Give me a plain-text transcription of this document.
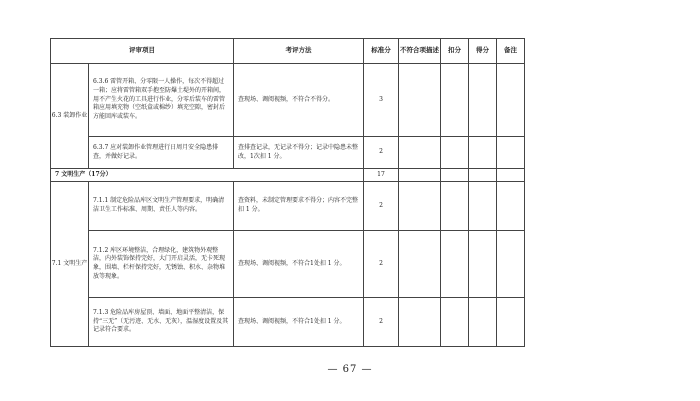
评审项目		考评方法	标准分	不符合项描述	扣分	得分	备注
6.3 装卸作业	6.3.6 雷管开箱、分零限一人操作，每次不得超过一箱；应将雷管箱双手抱至防爆土堤外的开箱间，用不产生火花的工具进行作业，分零后装车的雷管箱应用填充物（空纸盒或棉纱）填充空隙，密封后方能回库或装车。	查现场、调阅视频，不符合不得分。	3				
	6.3.7 应对装卸作业管理进行日周月安全隐患排查，并做好记录。	查排查记录，无记录不得分；记录中隐患未整改，1次扣 1 分。	2				
7 文明生产（17分）			17				
7.1 文明生产	7.1.1 制定危险品库区文明生产管理要求，明确清洁卫生工作标准、周期、责任人等内容。	查资料，未制定管理要求不得分；内容不完整扣 1 分。	2				
	7.1.2 库区环境整洁，合理绿化，建筑物外观整洁，内外装饰保持完好，大门开启灵活，无卡死现象，围墙、栏杆保持完好，无锈蚀、积水、杂物堆放等现象。	查现场、调阅视频，不符合1处扣 1 分。	2				
	7.1.3 危险品库房屋顶、墙面、地面平整清洁，保持“三无”（无污迹、无水、无灰），温湿度设置及其记录符合要求。	查现场、调阅视频，不符合1处扣 1 分。	2				
— 67 —
